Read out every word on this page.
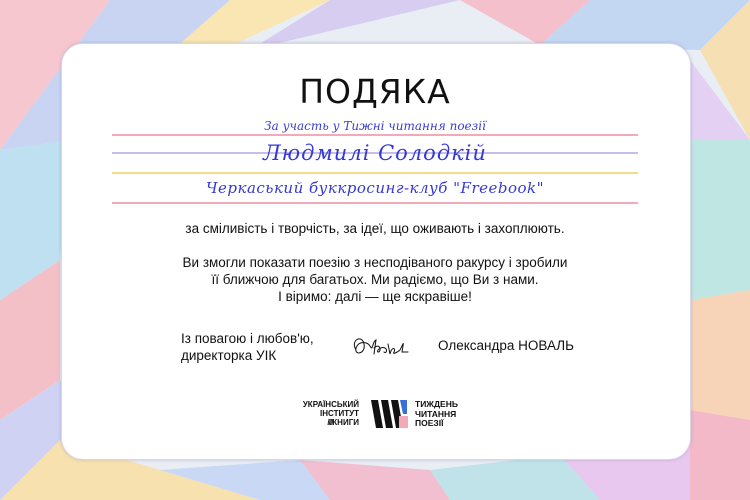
ПОДЯКА
За участь у Тижні читання поезії
Людмилі Солодкій
Черкаський буккросинг-клуб "Freebook"
за сміливість і творчість, за ідеї, що оживають і захоплюють.
Ви змогли показати поезію з несподіваного ракурсу і зробили
її ближчою для багатьох. Ми радіємо, що Ви з нами.
І віримо: далі — ще яскравіше!
Із повагою і любов'ю,
директорка УІК
Олександра НОВАЛЬ
УКРАЇНСЬКИЙ
ІНСТИТУТ
////КНИГИ
ТИЖДЕНЬ
ЧИТАННЯ
ПОЕЗІЇ
